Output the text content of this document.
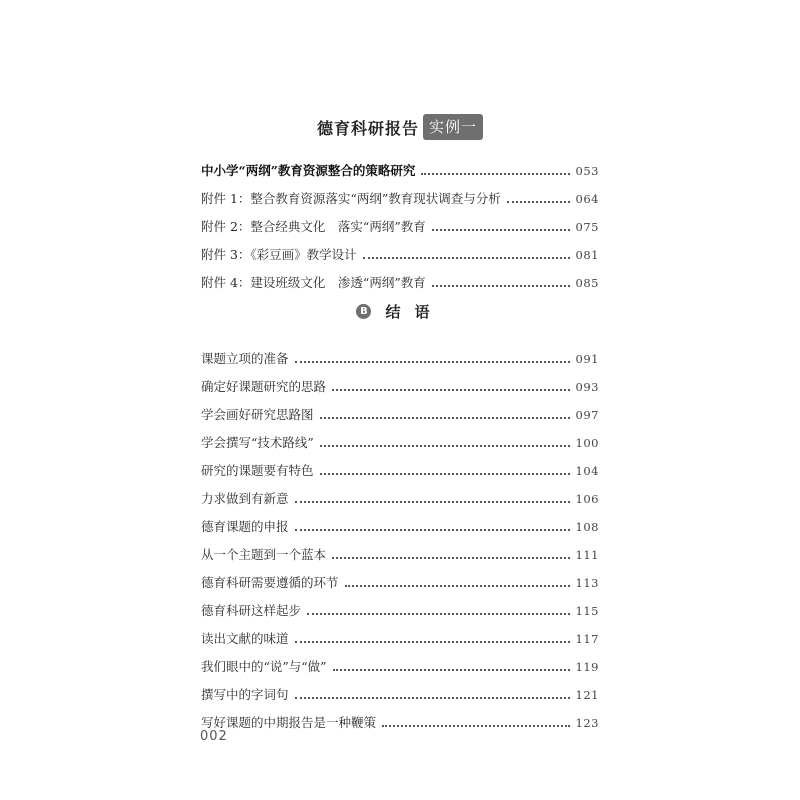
德育科研报告 实例一
中小学“两纲”教育资源整合的策略研究	053
附件 1：整合教育资源落实“两纲”教育现状调查与分析	064
附件 2：整合经典文化　落实“两纲”教育	075
附件 3：《彩豆画》教学设计	081
附件 4：建设班级文化　渗透“两纲”教育	085
B 结语
课题立项的准备	091
确定好课题研究的思路	093
学会画好研究思路图	097
学会撰写“技术路线”	100
研究的课题要有特色	104
力求做到有新意	106
德育课题的申报	108
从一个主题到一个蓝本	111
德育科研需要遵循的环节	113
德育科研这样起步	115
读出文献的味道	117
我们眼中的“说”与“做”	119
撰写中的字词句	121
写好课题的中期报告是一种鞭策	123
002
